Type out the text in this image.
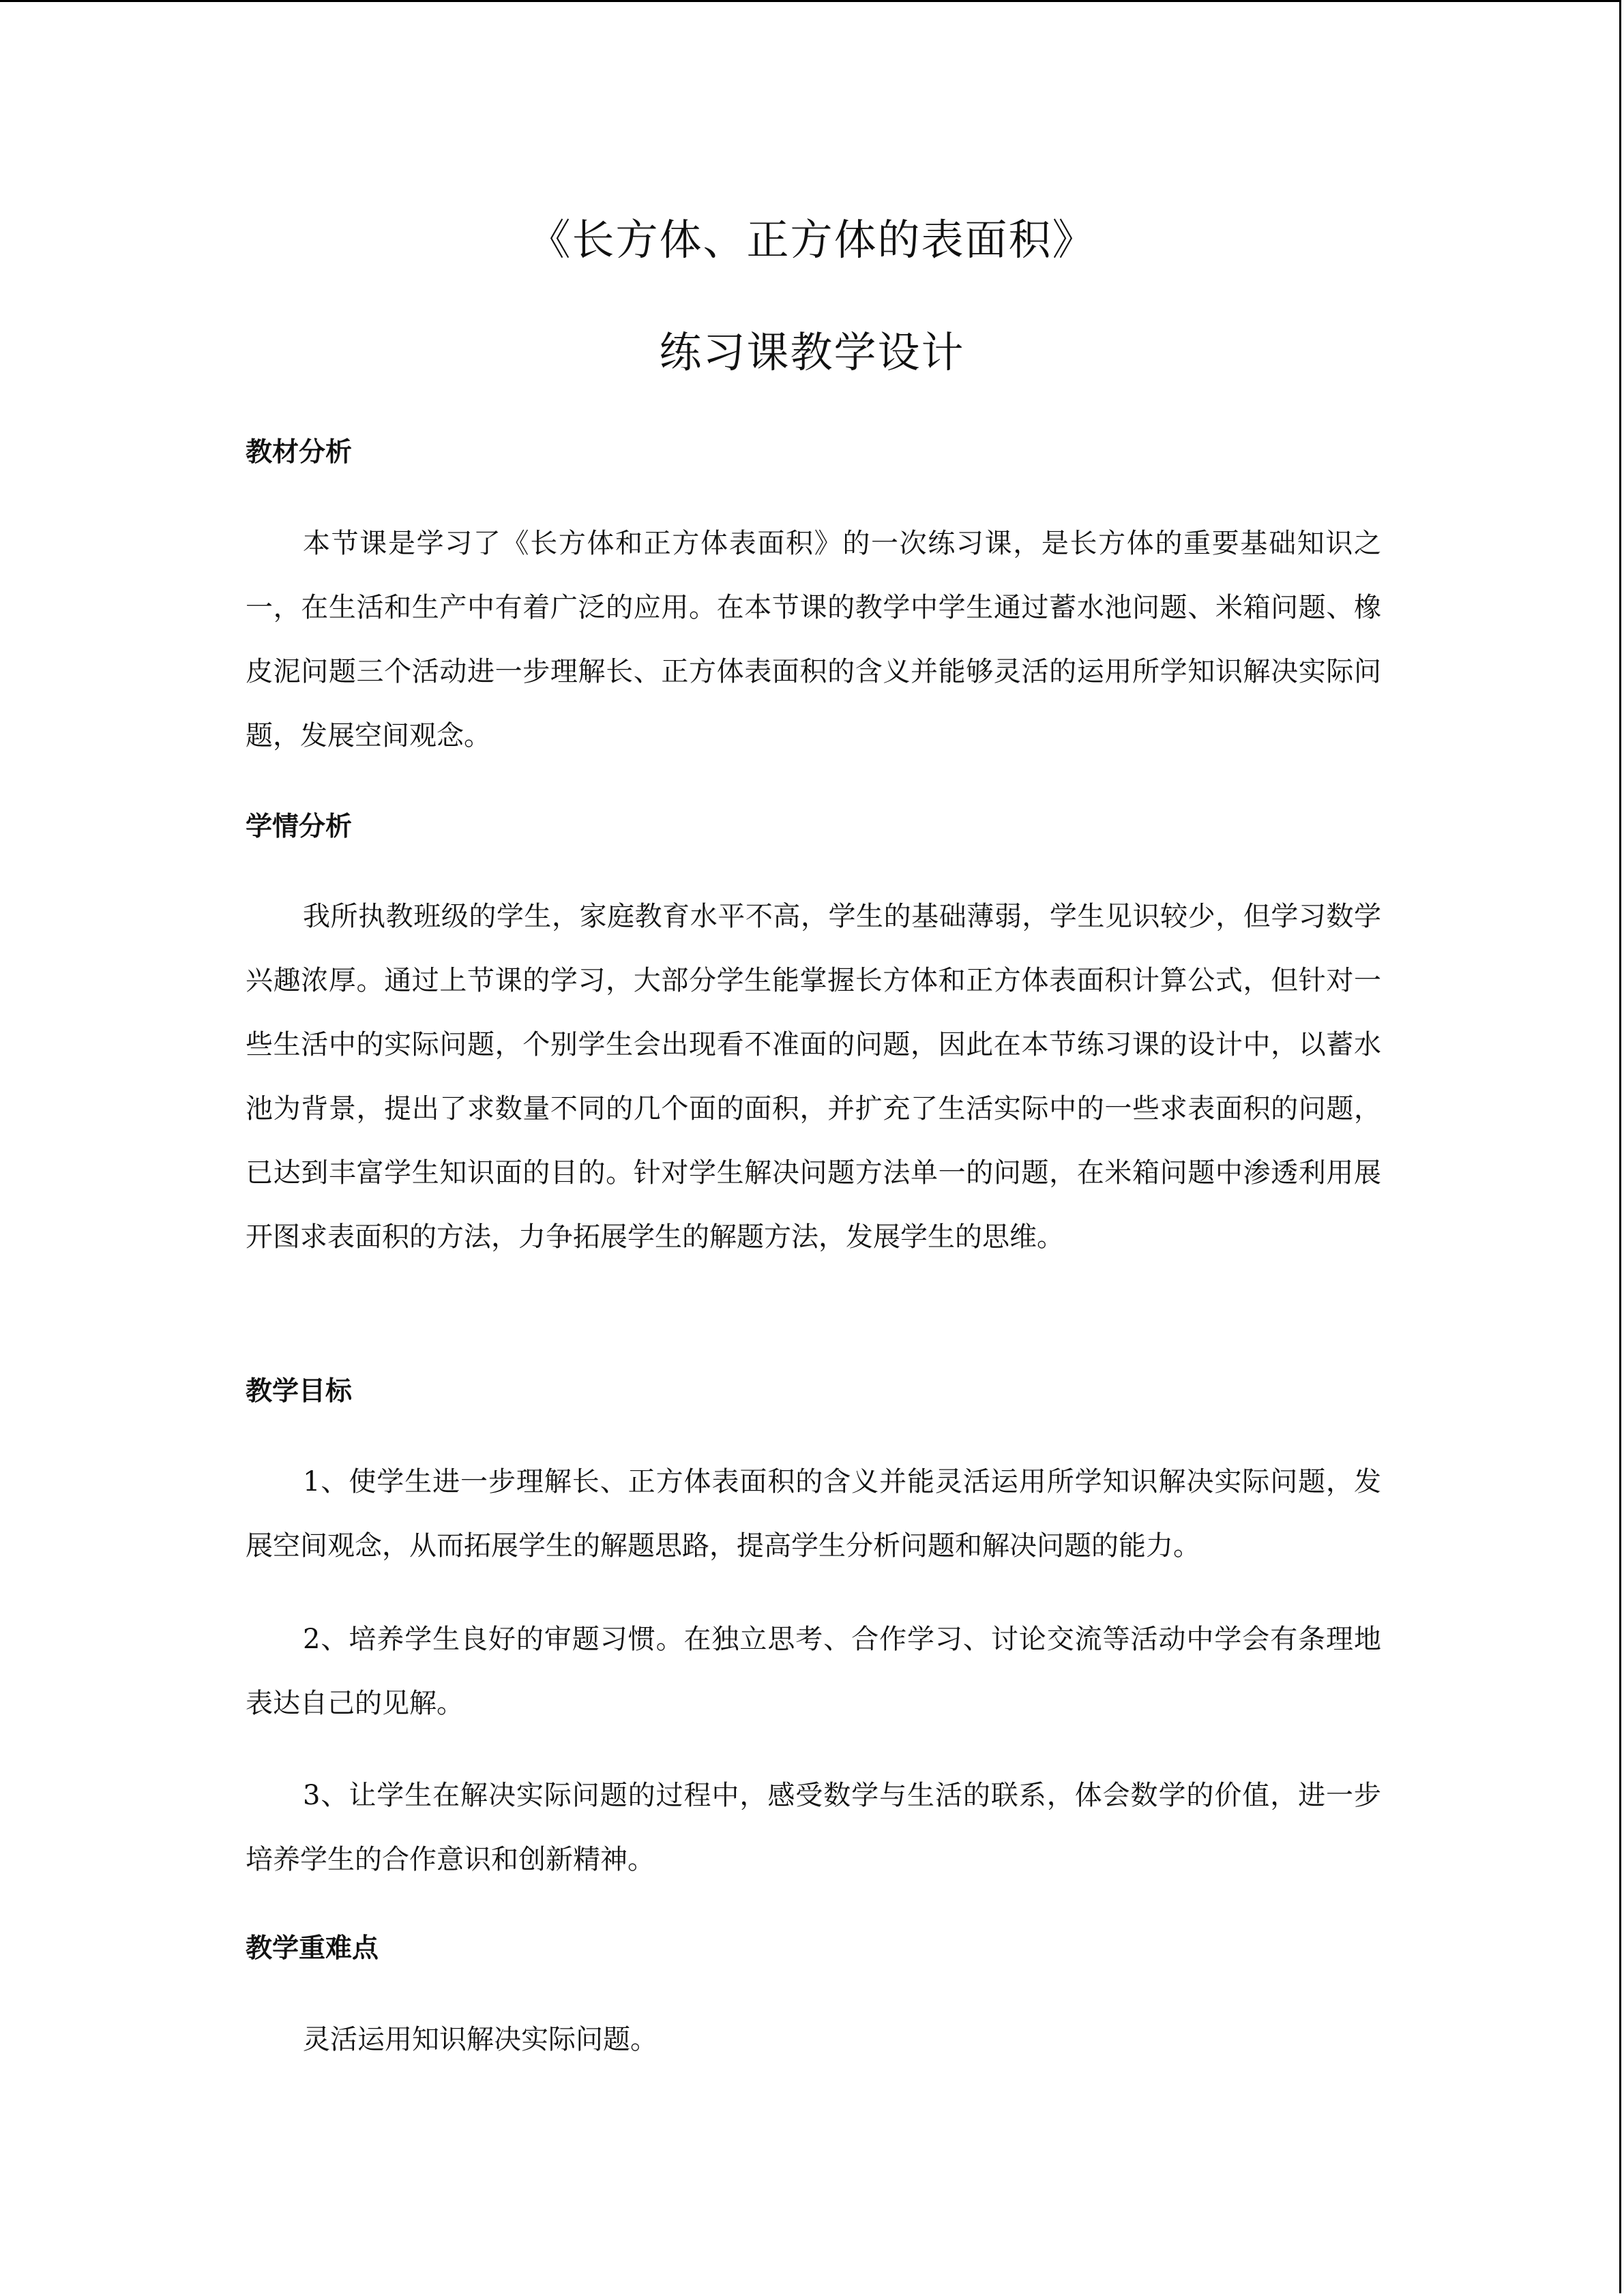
《长方体、正方体的表面积》
练习课教学设计
教材分析

本节课是学习了《长方体和正方体表面积》的一次练习课，是长方体的重要基础知识之一，在生活和生产中有着广泛的应用。在本节课的教学中学生通过蓄水池问题、米箱问题、橡皮泥问题三个活动进一步理解长、正方体表面积的含义并能够灵活的运用所学知识解决实际问题，发展空间观念。

学情分析

我所执教班级的学生，家庭教育水平不高，学生的基础薄弱，学生见识较少，但学习数学兴趣浓厚。通过上节课的学习，大部分学生能掌握长方体和正方体表面积计算公式，但针对一些生活中的实际问题，个别学生会出现看不准面的问题，因此在本节练习课的设计中，以蓄水池为背景，提出了求数量不同的几个面的面积，并扩充了生活实际中的一些求表面积的问题，已达到丰富学生知识面的目的。针对学生解决问题方法单一的问题，在米箱问题中渗透利用展开图求表面积的方法，力争拓展学生的解题方法，发展学生的思维。

教学目标

1、使学生进一步理解长、正方体表面积的含义并能灵活运用所学知识解决实际问题，发展空间观念，从而拓展学生的解题思路，提高学生分析问题和解决问题的能力。

2、培养学生良好的审题习惯。在独立思考、合作学习、讨论交流等活动中学会有条理地表达自己的见解。

3、让学生在解决实际问题的过程中，感受数学与生活的联系，体会数学的价值，进一步培养学生的合作意识和创新精神。

教学重难点

灵活运用知识解决实际问题。
